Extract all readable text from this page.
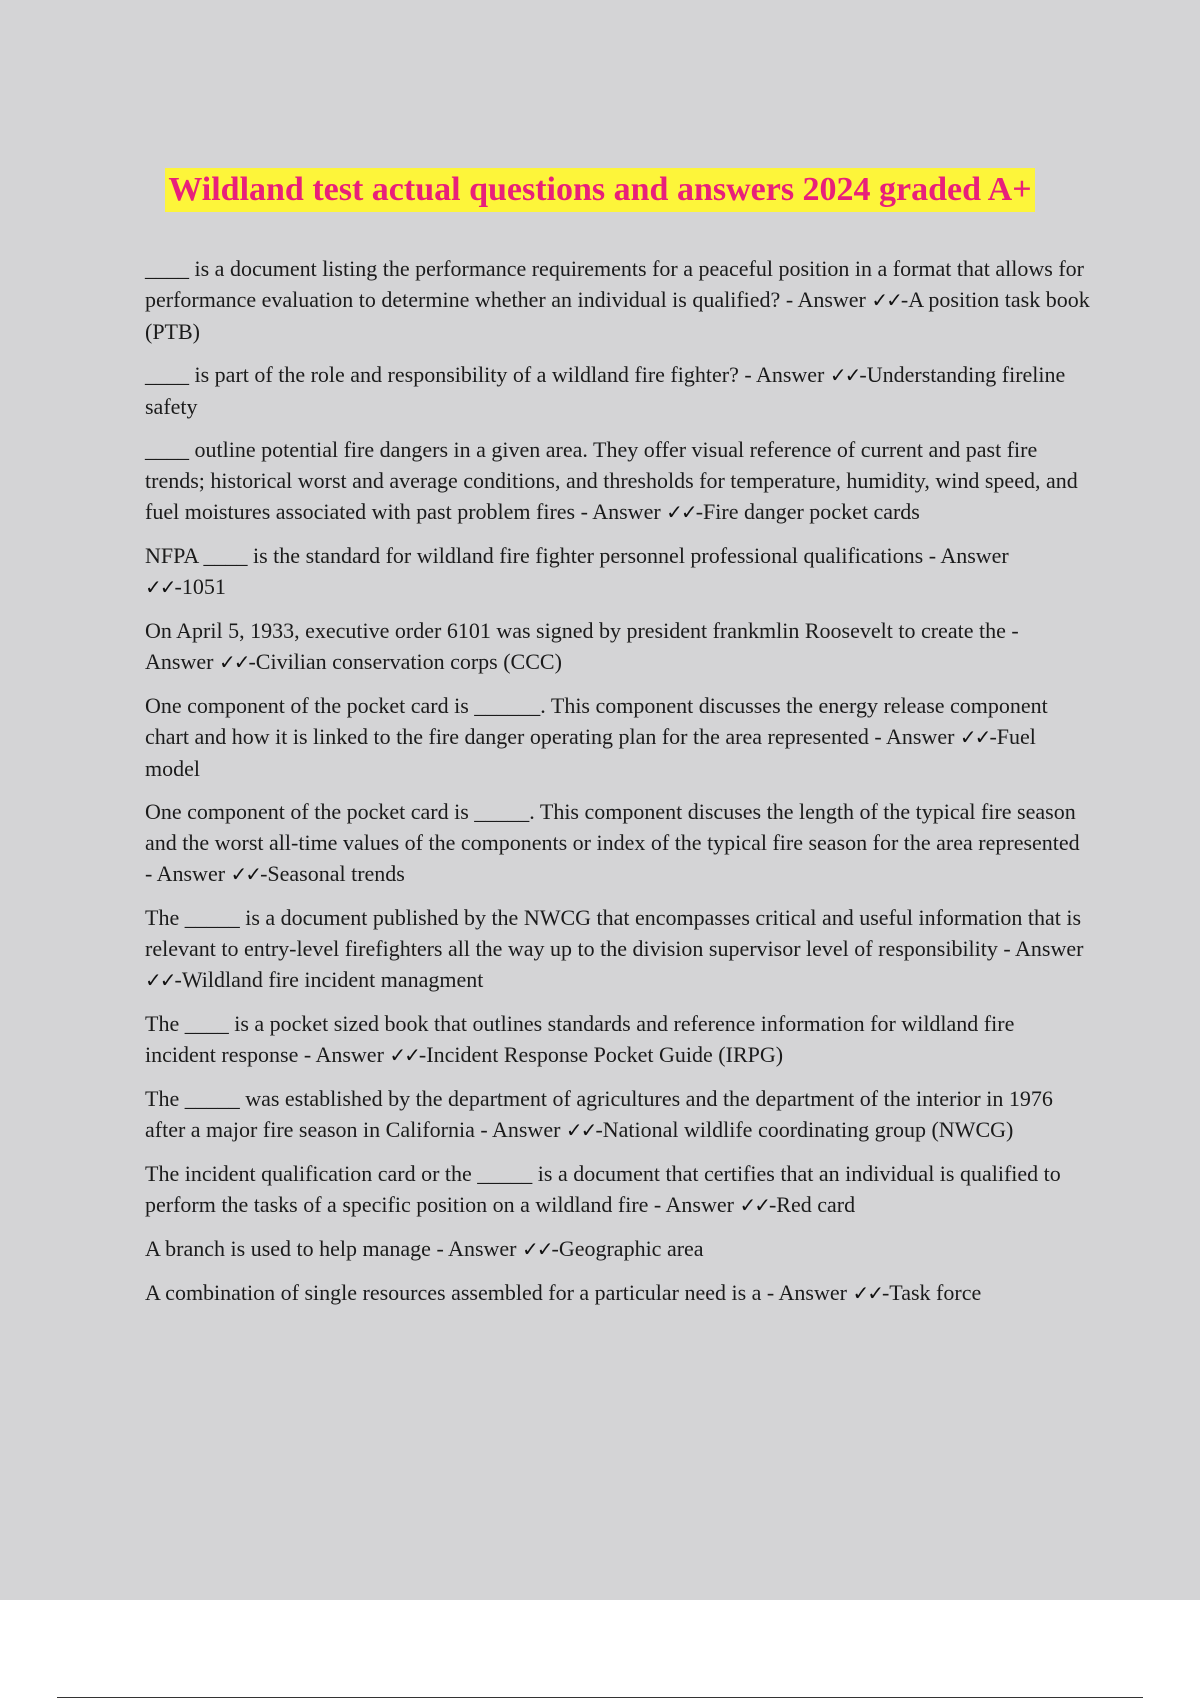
Wildland test actual questions and answers 2024 graded A+

____ is a document listing the performance requirements for a peaceful position in a format that allows for performance evaluation to determine whether an individual is qualified? - Answer ✓✓-A position task book (PTB)

____ is part of the role and responsibility of a wildland fire fighter? - Answer ✓✓-Understanding fireline safety

____ outline potential fire dangers in a given area. They offer visual reference of current and past fire trends; historical worst and average conditions, and thresholds for temperature, humidity, wind speed, and fuel moistures associated with past problem fires - Answer ✓✓-Fire danger pocket cards

NFPA ____ is the standard for wildland fire fighter personnel professional qualifications - Answer ✓✓-1051

On April 5, 1933, executive order 6101 was signed by president frankmlin Roosevelt to create the - Answer ✓✓-Civilian conservation corps (CCC)

One component of the pocket card is ______. This component discusses the energy release component chart and how it is linked to the fire danger operating plan for the area represented - Answer ✓✓-Fuel model

One component of the pocket card is _____. This component discuses the length of the typical fire season and the worst all-time values of the components or index of the typical fire season for the area represented - Answer ✓✓-Seasonal trends

The _____ is a document published by the NWCG that encompasses critical and useful information that is relevant to entry-level firefighters all the way up to the division supervisor level of responsibility - Answer ✓✓-Wildland fire incident managment

The ____ is a pocket sized book that outlines standards and reference information for wildland fire incident response - Answer ✓✓-Incident Response Pocket Guide (IRPG)

The _____ was established by the department of agricultures and the department of the interior in 1976 after a major fire season in California - Answer ✓✓-National wildlife coordinating group (NWCG)

The incident qualification card or the _____ is a document that certifies that an individual is qualified to perform the tasks of a specific position on a wildland fire - Answer ✓✓-Red card

A branch is used to help manage - Answer ✓✓-Geographic area

A combination of single resources assembled for a particular need is a - Answer ✓✓-Task force
